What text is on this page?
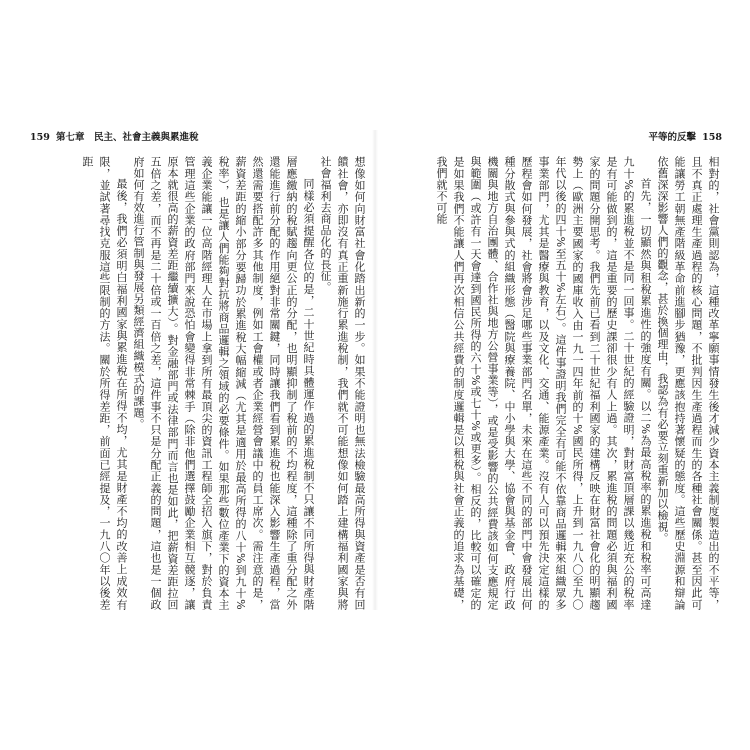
159 第七章　民主、社會主義與累進稅

想像如何向財富社會化踏出新的一步。如果不能證明也無法檢驗最高所得與資產是否有回饋社會，亦即沒有真正重新施行累進稅制，我們就不可能想像如何踏上建構福利國家與將社會福利去商品化的長征。

同樣必須提醒各位的是，二十世紀時具體運作過的累進稅制不只讓不同所得與財產階層應繳納的稅賦趨向更公正的分配，也明顯抑制了稅前的不均程度，這種除了重分配之外還能進行前分配的作用絕對非常關鍵，同時讓我們看到累進稅也能深入影響生產過程，當然還需要搭配許多其他制度，例如工會權或者企業經營會議中的員工席次。需注意的是，薪資差距的縮小部分要歸功於累進稅大幅縮減（尤其是適用於最高所得的八十%到九十%稅率），也是讓人們能夠對抗將商品邏輯之領域的必要條件。如果那些數位產業下的資本主義企業能讓一位高階經理人在市場上拿到所有最頂尖的資訊工程師全招入旗下，對於負責管理這些企業的政府部門來說恐怕會變得非常棘手（除非他們選擇鼓勵企業相互競逐，讓原本就很高的薪資差距繼續擴大）。對金融部門或法律部門而言也是如此，把薪資差距拉回五倍之差，而不再是二十倍或一百倍之差，這件事不只是分配正義的問題，這也是一個政府如何有效進行管制與發展另類經濟組織模式的課題。

最後，我們必須明白福利國家與累進稅在所得不均，尤其是財產不均的改善上成效有限，並試著尋找克服這些限制的方法。關於所得差距，前面已經提及，一九八〇年以後差距

平等的反擊 158

相對的，社會黨則認為，這種改革寧願事情發生後才減少資本主義制度製造出的不平等，且不真正處理生產過程的核心問題，不批判因生產過程而生的各種社會關係。甚至因此可能讓勞工朝無產階級革命前進腳步猶豫，更應該抱持著懷疑的態度。這些歷史淵源和辯論依舊深深影響人們的觀念，甚於換個理由，我認為有必要立刻重新加以檢視。

首先，一切顯然與租稅累進性的強度有關。以二%為最高稅率的累進稅和稅率可高達九十%的累進稅並不是同一回事。二十世紀的經驗證明，對財富頂層課以幾近充公的稅率是有可能做到的，這是重要的歷史課卻很少有人上過。其次，累進稅的問題必須與福利國家的問題分開思考。我們先前已看到二十世紀福利國家的建構反映在財富社會化的明顯趨勢上（歐洲主要國家的國庫收入由一九一四年前的十%國民所得，上升到一九八〇至九〇年代以後的四十%至五十%左右）。這件事證明我們完全有可能不依靠商品邏輯來組織眾多事業部門，尤其是醫療與教育，以及文化、交通、能源產業。沒有人可以預先決定這樣的歷程會如何發展，社會將會涉足哪些事業部門名單，未來在這些不同的部門中會發展出何種分散式與參與式的組織形態（醫院與療養院、中小學與大學、協會與基金會、政府行政機關與地方自治團體、合作社與地方公營事業等），或是受影響的公共經費該如何支應規定與範圍（或許有一天會達到國民所得的六十%或七十%或更多）。相反的，比較可以確定的是如果我們不能讓人們再次相信公共經費的制度邏輯是以租稅與社會正義的追求為基礎，我們就不可能
